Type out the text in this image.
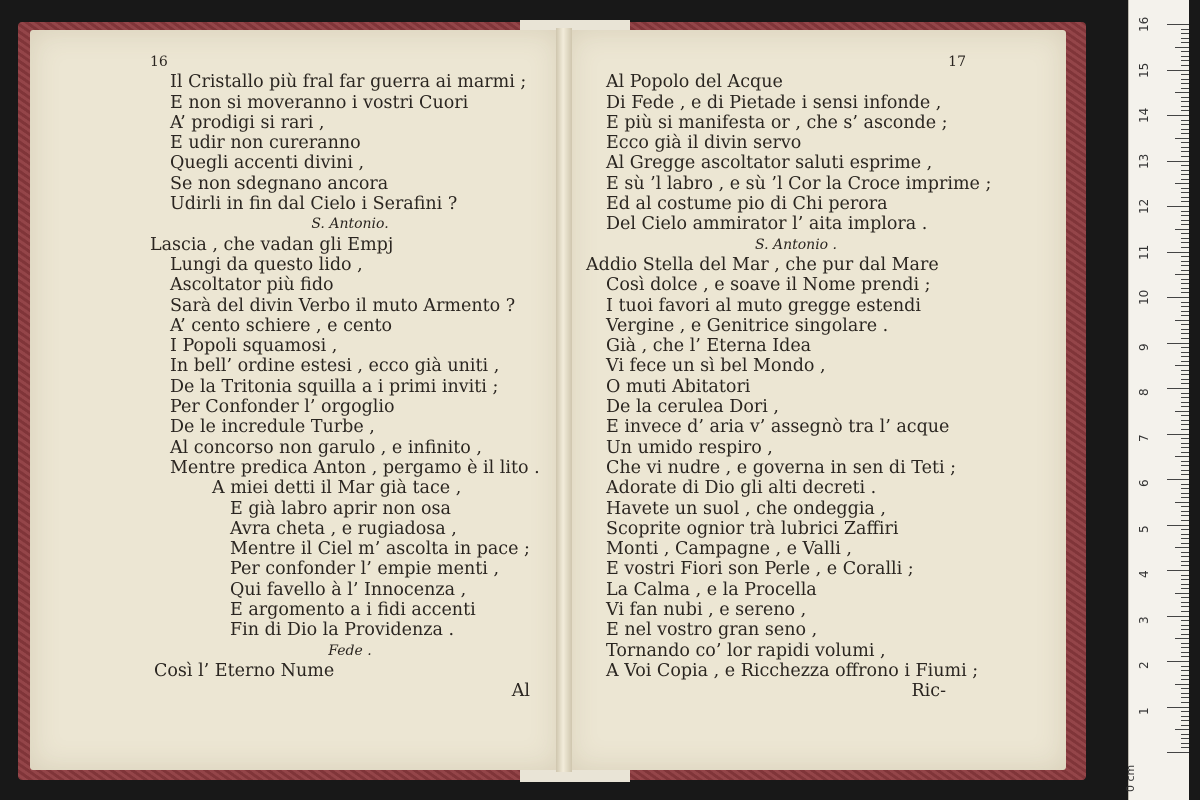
16
Il Cristallo più fral far guerra ai marmi ;
E non si moveranno i vostri Cuori
A’ prodigi si rari ,
E udir non cureranno
Quegli accenti divini ,
Se non sdegnano ancora
Udirli in fin dal Cielo i Serafini ?
S. Antonio.
Lascia , che vadan gli Empj
Lungi da questo lido ,
Ascoltator più fido
Sarà del divin Verbo il muto Armento ?
A’ cento schiere , e cento
I Popoli squamosi ,
In bell’ ordine estesi , ecco già uniti ,
De la Tritonia squilla a i primi inviti ;
Per Confonder l’ orgoglio
De le incredule Turbe ,
Al concorso non garulo , e infinito ,
Mentre predica Anton , pergamo è il lito .
A miei detti il Mar già tace ,
E già labro aprir non osa
Avra cheta , e rugiadosa ,
Mentre il Ciel m’ ascolta in pace ;
Per confonder l’ empie menti ,
Qui favello à l’ Innocenza ,
E argomento a i fidi accenti
Fin di Dio la Providenza .
Fede .
Così l’ Eterno Nume
Al
17
Al Popolo del Acque
Di Fede , e di Pietade i sensi infonde ,
E più si manifesta or , che s’ asconde ;
Ecco già il divin servo
Al Gregge ascoltator saluti esprime ,
E sù ’l labro , e sù ’l Cor la Croce imprime ;
Ed al costume pio di Chi perora
Del Cielo ammirator l’ aita implora .
S. Antonio .
Addio Stella del Mar , che pur dal Mare
Così dolce , e soave il Nome prendi ;
I tuoi favori al muto gregge estendi
Vergine , e Genitrice singolare .
Già , che l’ Eterna Idea
Vi fece un sì bel Mondo ,
O muti Abitatori
De la cerulea Dori ,
E invece d’ aria v’ assegnò tra l’ acque
Un umido respiro ,
Che vi nudre , e governa in sen di Teti ;
Adorate di Dio gli alti decreti .
Havete un suol , che ondeggia ,
Scoprite ognior trà lubrici Zaffiri
Monti , Campagne , e Valli ,
E vostri Fiori son Perle , e Coralli ;
La Calma , e la Procella
Vi fan nubi , e sereno ,
E nel vostro gran seno ,
Tornando co’ lor rapidi volumi ,
A Voi Copia , e Ricchezza offrono i Fiumi ;
Ric-
0 cm
16
15
14
13
12
11
10
9
8
7
6
5
4
3
2
1
